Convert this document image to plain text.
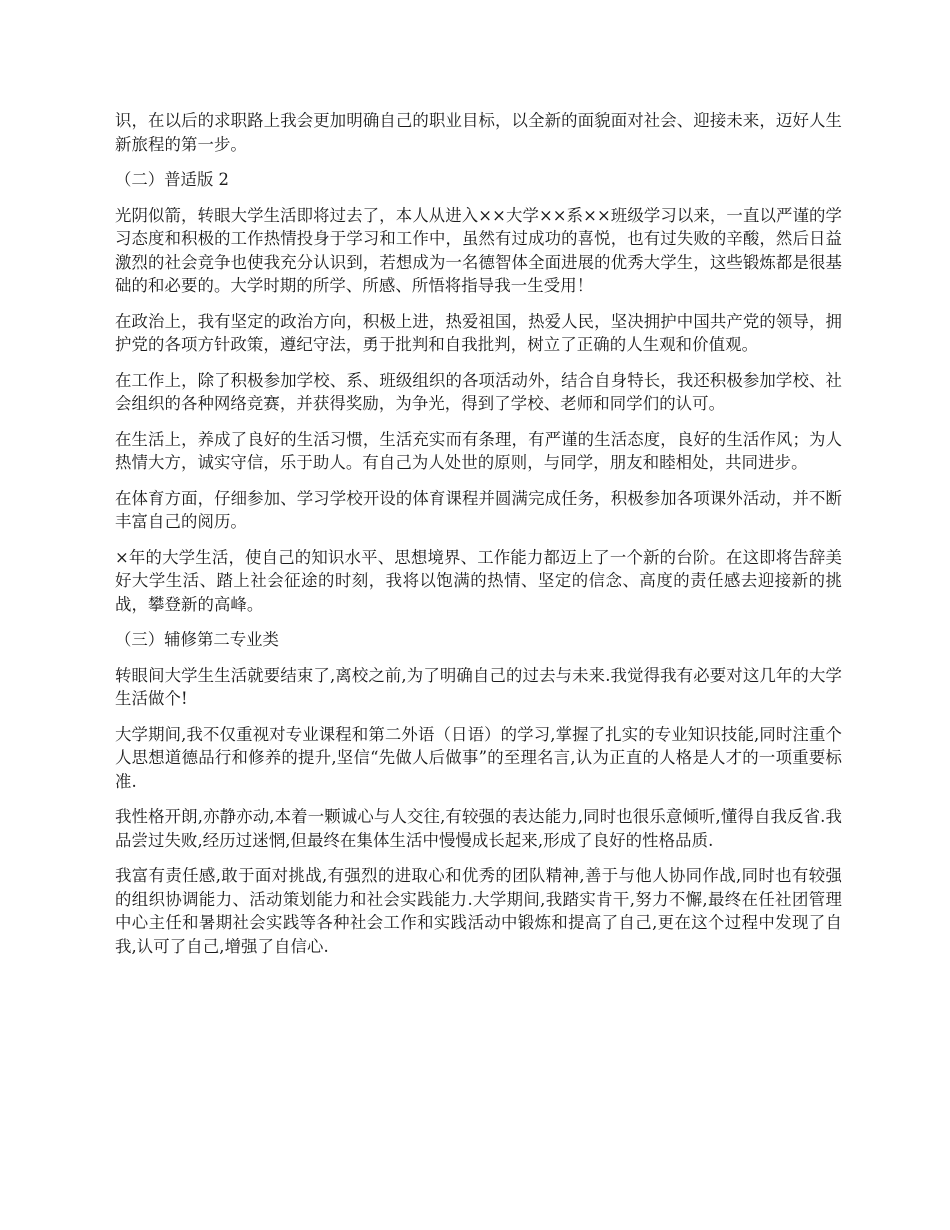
识，在以后的求职路上我会更加明确自己的职业目标，以全新的面貌面对社会、迎接未来，迈好人生新旅程的第一步。

（二）普适版 2

光阴似箭，转眼大学生活即将过去了，本人从进入××大学××系××班级学习以来，一直以严谨的学习态度和积极的工作热情投身于学习和工作中，虽然有过成功的喜悦，也有过失败的辛酸，然后日益激烈的社会竞争也使我充分认识到，若想成为一名德智体全面进展的优秀大学生，这些锻炼都是很基础的和必要的。大学时期的所学、所感、所悟将指导我一生受用！

在政治上，我有坚定的政治方向，积极上进，热爱祖国，热爱人民，坚决拥护中国共产党的领导，拥护党的各项方针政策，遵纪守法，勇于批判和自我批判，树立了正确的人生观和价值观。

在工作上，除了积极参加学校、系、班级组织的各项活动外，结合自身特长，我还积极参加学校、社会组织的各种网络竞赛，并获得奖励，为争光，得到了学校、老师和同学们的认可。

在生活上，养成了良好的生活习惯，生活充实而有条理，有严谨的生活态度，良好的生活作风；为人热情大方，诚实守信，乐于助人。有自己为人处世的原则，与同学，朋友和睦相处，共同进步。

在体育方面，仔细参加、学习学校开设的体育课程并圆满完成任务，积极参加各项课外活动，并不断丰富自己的阅历。

×年的大学生活，使自己的知识水平、思想境界、工作能力都迈上了一个新的台阶。在这即将告辞美好大学生活、踏上社会征途的时刻，我将以饱满的热情、坚定的信念、高度的责任感去迎接新的挑战，攀登新的高峰。

（三）辅修第二专业类

转眼间大学生生活就要结束了,离校之前,为了明确自己的过去与未来.我觉得我有必要对这几年的大学生活做个!

大学期间,我不仅重视对专业课程和第二外语（日语）的学习,掌握了扎实的专业知识技能,同时注重个人思想道德品行和修养的提升,坚信“先做人后做事”的至理名言,认为正直的人格是人才的一项重要标准.

我性格开朗,亦静亦动,本着一颗诚心与人交往,有较强的表达能力,同时也很乐意倾听,懂得自我反省.我品尝过失败,经历过迷惘,但最终在集体生活中慢慢成长起来,形成了良好的性格品质.

我富有责任感,敢于面对挑战,有强烈的进取心和优秀的团队精神,善于与他人协同作战,同时也有较强的组织协调能力、活动策划能力和社会实践能力.大学期间,我踏实肯干,努力不懈,最终在任社团管理中心主任和暑期社会实践等各种社会工作和实践活动中锻炼和提高了自己,更在这个过程中发现了自我,认可了自己,增强了自信心.
